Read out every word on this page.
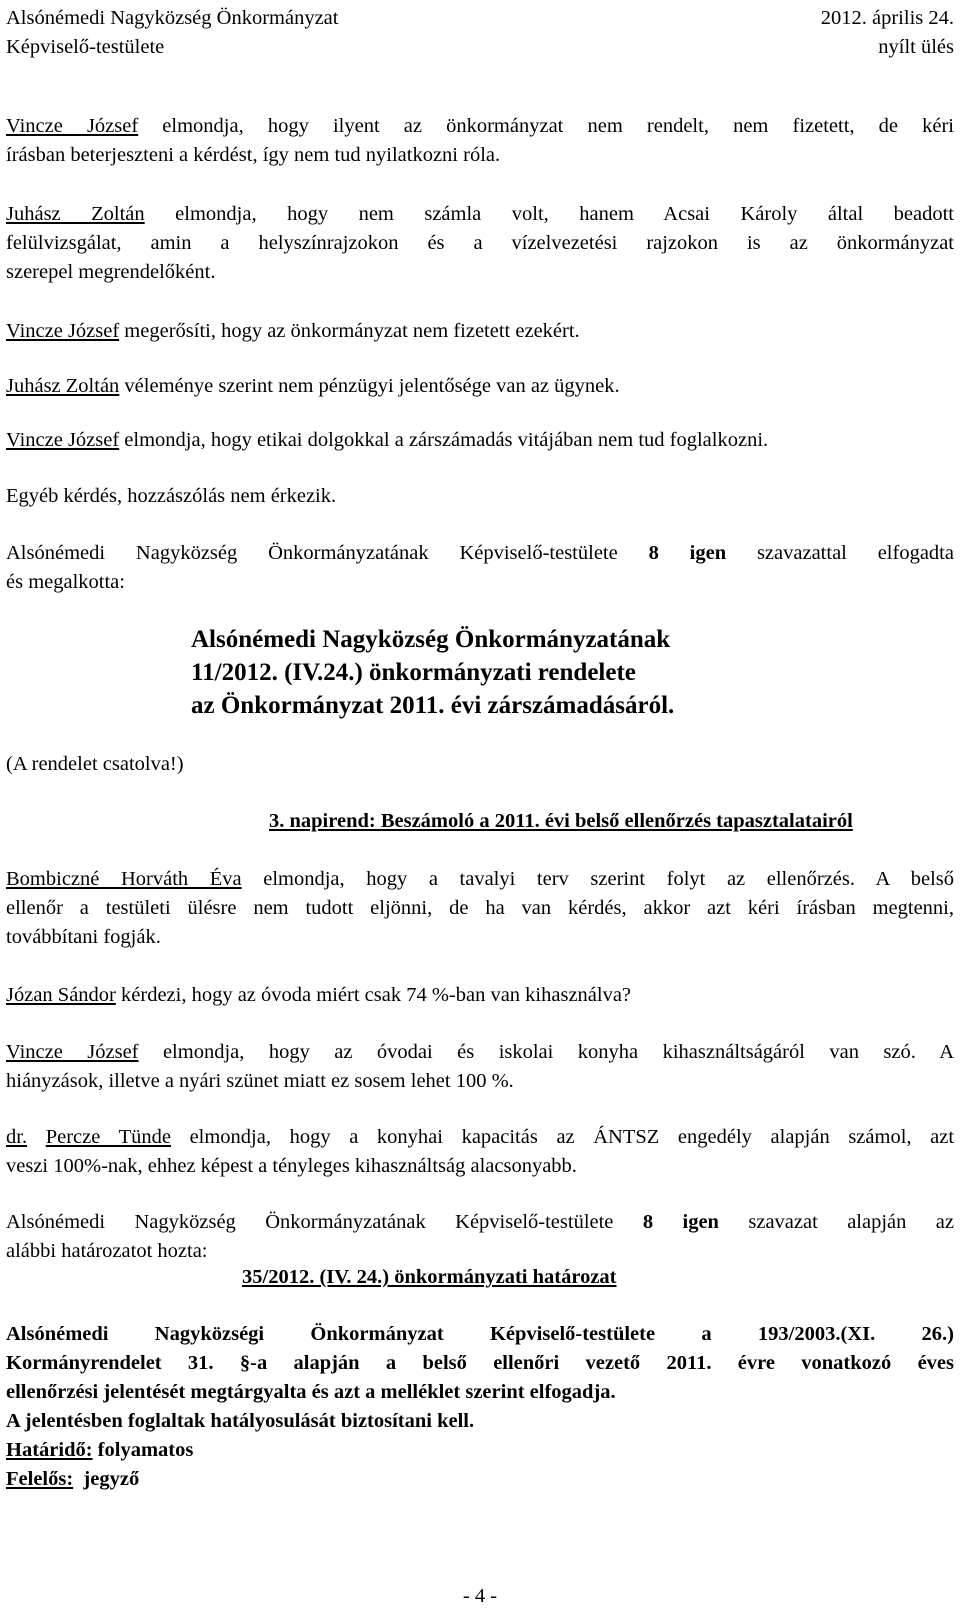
Alsónémedi Nagyközség Önkormányzat	2012. április 24.
Képviselő-testülete	nyílt ülés

Vincze József elmondja, hogy ilyent az önkormányzat nem rendelt, nem fizetett, de kéri

írásban beterjeszteni a kérdést, így nem tud nyilatkozni róla.

Juhász Zoltán elmondja, hogy nem számla volt, hanem Acsai Károly által beadott

felülvizsgálat, amin a helyszínrajzokon és a vízelvezetési rajzokon is az önkormányzat

szerepel megrendelőként.

Vincze József megerősíti, hogy az önkormányzat nem fizetett ezekért.

Juhász Zoltán véleménye szerint nem pénzügyi jelentősége van az ügynek.

Vincze József elmondja, hogy etikai dolgokkal a zárszámadás vitájában nem tud foglalkozni.

Egyéb kérdés, hozzászólás nem érkezik.

Alsónémedi Nagyközség Önkormányzatának Képviselő-testülete 8 igen szavazattal elfogadta

és megalkotta:

Alsónémedi Nagyközség Önkormányzatának
11/2012. (IV.24.) önkormányzati rendelete
az Önkormányzat 2011. évi zárszámadásáról.
(A rendelet csatolva!)
3. napirend: Beszámoló a 2011. évi belső ellenőrzés tapasztalatairól

Bombiczné Horváth Éva elmondja, hogy a tavalyi terv szerint folyt az ellenőrzés. A belső

ellenőr a testületi ülésre nem tudott eljönni, de ha van kérdés, akkor azt kéri írásban megtenni,

továbbítani fogják.

Józan Sándor kérdezi, hogy az óvoda miért csak 74 %-ban van kihasználva?

Vincze József elmondja, hogy az óvodai és iskolai konyha kihasználtságáról van szó. A

hiányzások, illetve a nyári szünet miatt ez sosem lehet 100 %.

dr. Percze Tünde elmondja, hogy a konyhai kapacitás az ÁNTSZ engedély alapján számol, azt

veszi 100%-nak, ehhez képest a tényleges kihasználtság alacsonyabb.

Alsónémedi Nagyközség Önkormányzatának Képviselő-testülete 8 igen szavazat alapján az

alábbi határozatot hozta:

35/2012. (IV. 24.) önkormányzati határozat

Alsónémedi Nagyközségi Önkormányzat Képviselő-testülete a 193/2003.(XI. 26.)

Kormányrendelet 31. §-a alapján a belső ellenőri vezető 2011. évre vonatkozó éves

ellenőrzési jelentését megtárgyalta és azt a melléklet szerint elfogadja.

A jelentésben foglaltak hatályosulását biztosítani kell.

Határidő: folyamatos

Felelős:  jegyző

- 4 -
